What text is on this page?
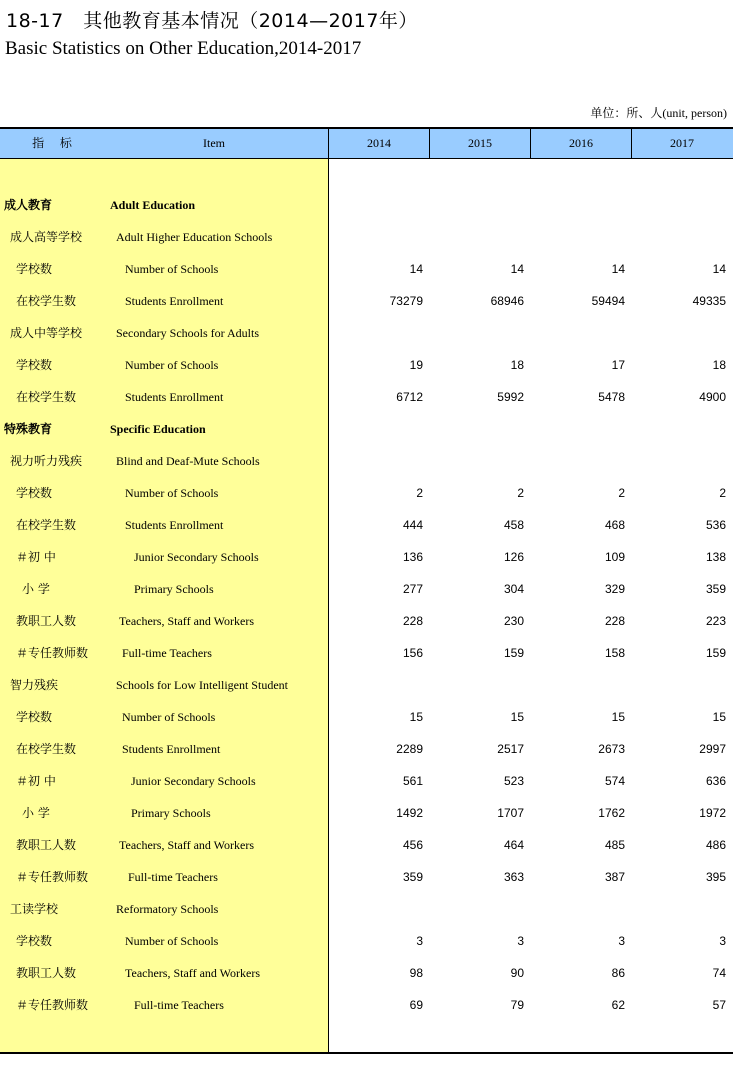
18-17　其他教育基本情况（2014—2017年）
Basic Statistics on Other Education,2014-2017
单位：所、人(unit, person)
指 标	Item	2014	2015	2016	2017
成人教育	Adult Education
成人高等学校	Adult Higher Education Schools
学校数	Number of Schools	14	14	14	14
在校学生数	Students Enrollment	73279	68946	59494	49335
成人中等学校	Secondary Schools for Adults
学校数	Number of Schools	19	18	17	18
在校学生数	Students Enrollment	6712	5992	5478	4900
特殊教育	Specific Education
视力听力残疾	Blind and Deaf-Mute Schools
学校数	Number of Schools	2	2	2	2
在校学生数	Students Enrollment	444	458	468	536
＃初 中	Junior Secondary Schools	136	126	109	138
小 学	Primary Schools	277	304	329	359
教职工人数	Teachers, Staff and Workers	228	230	228	223
＃专任教师数	Full-time Teachers	156	159	158	159
智力残疾	Schools for Low Intelligent Student
学校数	Number of Schools	15	15	15	15
在校学生数	Students Enrollment	2289	2517	2673	2997
＃初 中	Junior Secondary Schools	561	523	574	636
小 学	Primary Schools	1492	1707	1762	1972
教职工人数	Teachers, Staff and Workers	456	464	485	486
＃专任教师数	Full-time Teachers	359	363	387	395
工读学校	Reformatory Schools
学校数	Number of Schools	3	3	3	3
教职工人数	Teachers, Staff and Workers	98	90	86	74
＃专任教师数	Full-time Teachers	69	79	62	57
